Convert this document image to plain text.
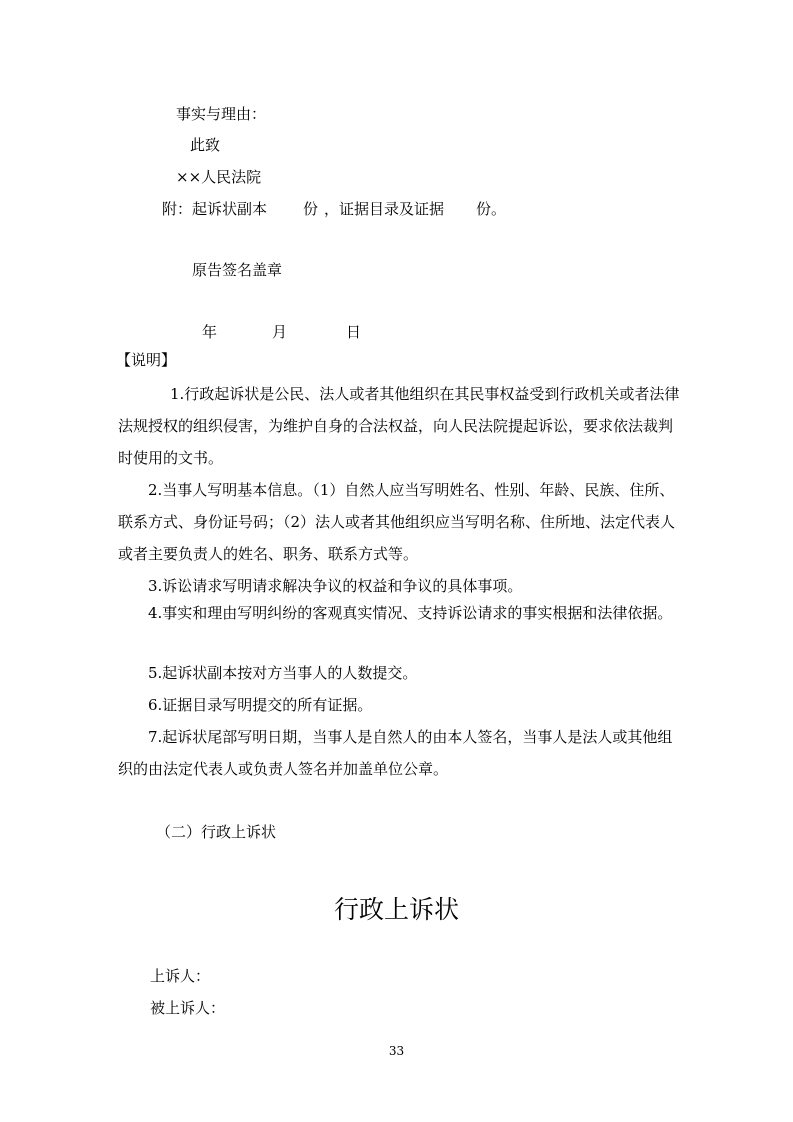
事实与理由：
此致
××人民法院
附：起诉状副本 份 ，证据目录及证据 份。
原告签名盖章
年	月	日
【说明】
1.行政起诉状是公民、法人或者其他组织在其民事权益受到行政机关或者法律法规授权的组织侵害，为维护自身的合法权益，向人民法院提起诉讼，要求依法裁判时使用的文书。
2.当事人写明基本信息。（1）自然人应当写明姓名、性别、年龄、民族、住所、联系方式、身份证号码；（2）法人或者其他组织应当写明名称、住所地、法定代表人或者主要负责人的姓名、职务、联系方式等。
3.诉讼请求写明请求解决争议的权益和争议的具体事项。
4.事实和理由写明纠纷的客观真实情况、支持诉讼请求的事实根据和法律依据。
5.起诉状副本按对方当事人的人数提交。
6.证据目录写明提交的所有证据。
7.起诉状尾部写明日期，当事人是自然人的由本人签名，当事人是法人或其他组织的由法定代表人或负责人签名并加盖单位公章。
（二）行政上诉状
行政上诉状
上诉人：
被上诉人：
33
